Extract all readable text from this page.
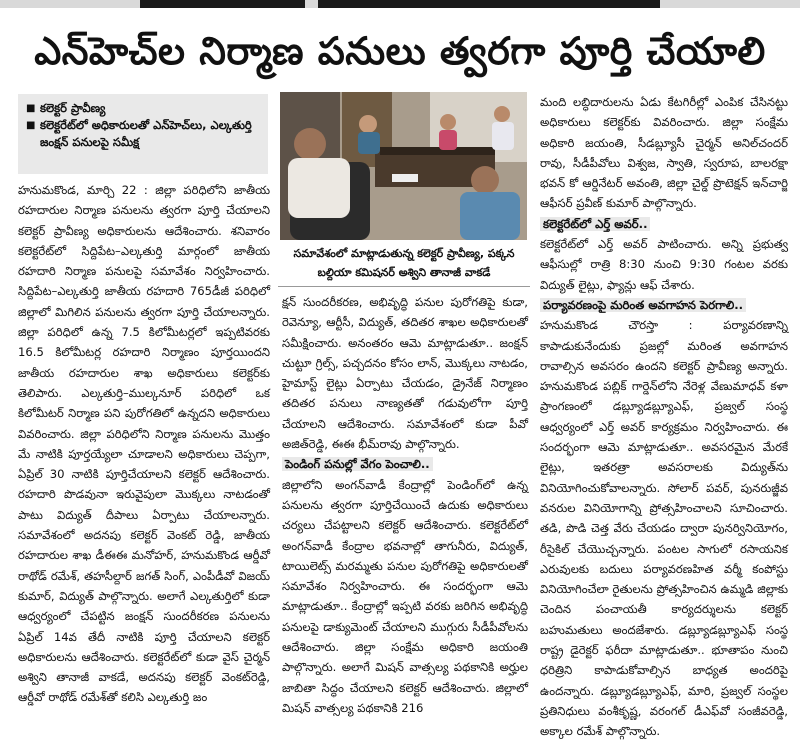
ఎన్‌హెచ్‌ల నిర్మాణ పనులు త్వరగా పూర్తి చేయాలి
■ కలెక్టర్ ప్రావీణ్య
■ కలెక్టరేట్‌లో అధికారులతో ఎన్‌హెచ్‌లు, ఎల్కతుర్తి జంక్షన్ పనులపై సమీక్ష
సమావేశంలో మాట్లాడుతున్న కలెక్టర్ ప్రావీణ్య, పక్కన బల్దియా కమిషనర్ అశ్విని తానాజీ వాకడే

హనుమకొండ, మార్చి 22 : జిల్లా పరిధిలోని జాతీయ రహదారుల నిర్మాణ పనులను త్వరగా పూర్తి చేయాలని కలెక్టర్ ప్రావీణ్య అధికారులను ఆదేశించారు. శనివారం కలెక్టరేట్‌లో సిద్దిపేట–ఎల్కతుర్తి మార్గంలో జాతీయ రహదారి నిర్మాణ పనులపై సమావేశం నిర్వహించారు. సిద్దిపేట–ఎల్కతుర్తి జాతీయ రహదారి 765డీజీ పరిధిలో జిల్లాలో మిగిలిన పనులను త్వరగా పూర్తి చేయాలన్నారు. జిల్లా పరిధిలో ఉన్న 7.5 కిలోమీటర్లలో ఇప్పటివరకు 16.5 కిలోమీటర్ల రహదారి నిర్మాణం పూర్తయిందని జాతీయ రహదారుల శాఖ అధికారులు కలెక్టర్‌కు తెలిపారు. ఎల్కతుర్తి–ముల్కనూర్ పరిధిలో ఒక కిలోమీటర్ నిర్మాణ పని పురోగతిలో ఉన్నదని అధికారులు వివరించారు. జిల్లా పరిధిలోని నిర్మాణ పనులను మొత్తం మే నాటికి పూర్తయ్యేలా చూడాలని అధికారులు చెప్పగా, ఏప్రిల్ 30 నాటికి పూర్తిచేయాలని కలెక్టర్ ఆదేశించారు. రహదారి పొడవునా ఇరువైపులా మొక్కలు నాటడంతో పాటు విద్యుత్ దీపాలు ఏర్పాటు చేయాలన్నారు. సమావేశంలో అదనపు కలెక్టర్ వెంకట్ రెడ్డి, జాతీయ రహదారుల శాఖ డీఈఈ మనోహర్, హనుమకొండ ఆర్డీవో రాథోడ్ రమేశ్, తహసీల్దార్ జగత్ సింగ్, ఎంపీడీవో విజయ్ కుమార్, విద్యుత్ పాల్గొన్నారు. అలాగే ఎల్కతుర్తిలో కుడా ఆధ్వర్యంలో చేపట్టిన జంక్షన్ సుందరీకరణ పనులను ఏప్రిల్ 14వ తేదీ నాటికి పూర్తి చేయాలని కలెక్టర్ అధికారులను ఆదేశించారు. కలెక్టరేట్‌లో కుడా వైస్ చైర్మన్ అశ్విని తానాజీ వాకడే, అదనపు కలెక్టర్ వెంకట్‌రెడ్డి, ఆర్డీవో రాథోడ్ రమేశ్‌తో కలిసి ఎల్కతుర్తి జం

క్షన్ సుందరీకరణ, అభివృద్ధి పనుల పురోగతిపై కుడా, రెవెన్యూ, ఆర్టీసీ, విద్యుత్, తదితర శాఖల అధికారులతో సమీక్షించారు. అనంతరం ఆమె మాట్లాడుతూ.. జంక్షన్ చుట్టూ గ్రిల్స్, పచ్చదనం కోసం లాన్, మొక్కలు నాటడం, హైమాస్ట్ లైట్లు ఏర్పాటు చేయడం, డ్రైనేజ్ నిర్మాణం తదితర పనులు నాణ్యతతో గడువులోగా పూర్తి చేయాలని ఆదేశించారు. సమావేశంలో కుడా పీవో అజిత్‌రెడ్డి, ఈఈ భీమ్‌రావు పాల్గొన్నారు.

పెండింగ్ పనుల్లో వేగం పెంచాలి..

జిల్లాలోని అంగన్‌వాడీ కేంద్రాల్లో పెండింగ్‌లో ఉన్న పనులను త్వరగా పూర్తిచేయించే ఉదుకు అధికారులు చర్యలు చేపట్టాలని కలెక్టర్ ఆదేశించారు. కలెక్టరేట్‌లో అంగన్‌వాడీ కేంద్రాల భవనాల్లో తాగునీరు, విద్యుత్, టాయిలెట్స్ మరమ్మతు పనుల పురోగతిపై అధికారులతో సమావేశం నిర్వహించారు. ఈ సందర్భంగా ఆమె మాట్లాడుతూ.. కేంద్రాల్లో ఇప్పటి వరకు జరిగిన అభివృద్ధి పనులపై డాక్యుమెంట్ చేయాలని ముగ్గురు సీడీపీవోలను ఆదేశించారు. జిల్లా సంక్షేమ అధికారి జయంతి పాల్గొన్నారు. అలాగే మిషన్ వాత్సల్య పథకానికి అర్హుల జాబితా సిద్ధం చేయాలని కలెక్టర్ ఆదేశించారు. జిల్లాలో మిషన్ వాత్సల్య పథకానికి 216

మంది లబ్ధిదారులను ఏడు కేటగిరీల్లో ఎంపిక చేసినట్టు అధికారులు కలెక్టర్‌కు వివరించారు. జిల్లా సంక్షేమ అధికారి జయంతి, సీడబ్ల్యూసీ చైర్మన్ అనిల్‌చందర్ రావు, సీడీపీవోలు విశ్వజ, స్వాతి, స్వరూప, బాలరక్షా భవన్ కో ఆర్డినేటర్ అవంతి, జిల్లా చైల్డ్ ప్రొటెక్షన్ ఇన్‌చార్జి ఆఫీసర్ ప్రవీణ్ కుమార్ పాల్గొన్నారు.

కలెక్టరేట్‌లో ఎర్త్ అవర్..

కలెక్టరేట్‌లో ఎర్త్ అవర్ పాటించారు. అన్ని ప్రభుత్వ ఆఫీసుల్లో రాత్రి 8:30 నుంచి 9:30 గంటల వరకు విద్యుత్ లైట్లు, ఫ్యాన్లు ఆఫ్ చేశారు.

పర్యావరణంపై మరింత అవగాహన పెరగాలి..

హనుమకొండ చౌరస్తా : పర్యావరణాన్ని కాపాడుకునేందుకు ప్రజల్లో మరింత అవగాహన రావాల్సిన అవసరం ఉందని కలెక్టర్ ప్రావీణ్య అన్నారు. హనుమకొండ పబ్లిక్ గార్డెన్‌లోని నేరెళ్ల వేణుమాధవ్ కళా ప్రాంగణంలో డబ్ల్యూడబ్ల్యూఎఫ్, ప్రజ్వల్ సంస్థ ఆధ్వర్యంలో ఎర్త్ అవర్ కార్యక్రమం నిర్వహించారు. ఈ సందర్భంగా ఆమె మాట్లాడుతూ.. అవసరమైన మేరకే లైట్లు, ఇతరత్రా అవసరాలకు విద్యుత్‌ను వినియోగించుకోవాలన్నారు. సోలార్ పవర్, పునరుజ్జీవ వనరుల వినియోగాన్ని ప్రోత్సహించాలని సూచించారు. తడి, పొడి చెత్త వేరు చేయడం ద్వారా పునర్వినియోగం, రీసైకిల్ చేయొచ్చన్నారు. పంటల సాగులో రసాయనిక ఎరువులకు బదులు పర్యావరణహిత వర్మీ కంపోస్టు వినియోగించేలా రైతులను ప్రోత్సహించిన ఉమ్మడి జిల్లాకు చెందిన పంచాయతీ కార్యదర్శులను కలెక్టర్ బహుమతులు అందజేశారు. డబ్ల్యూడబ్ల్యూఎఫ్ సంస్థ రాష్ట్ర డైరెక్టర్ ఫరీదా మాట్లాడుతూ.. భూతాపం నుంచి ధరిత్రిని కాపాడుకోవాల్సిన బాధ్యత అందరిపై ఉందన్నారు. డబ్ల్యూడబ్ల్యూఎఫ్, మారి, ప్రజ్వల్ సంస్థల ప్రతినిధులు వంశీకృష్ణ, వరంగల్ డీఎఫ్‌వో సంజీవరెడ్డి, అక్కాల రమేశ్ పాల్గొన్నారు.
